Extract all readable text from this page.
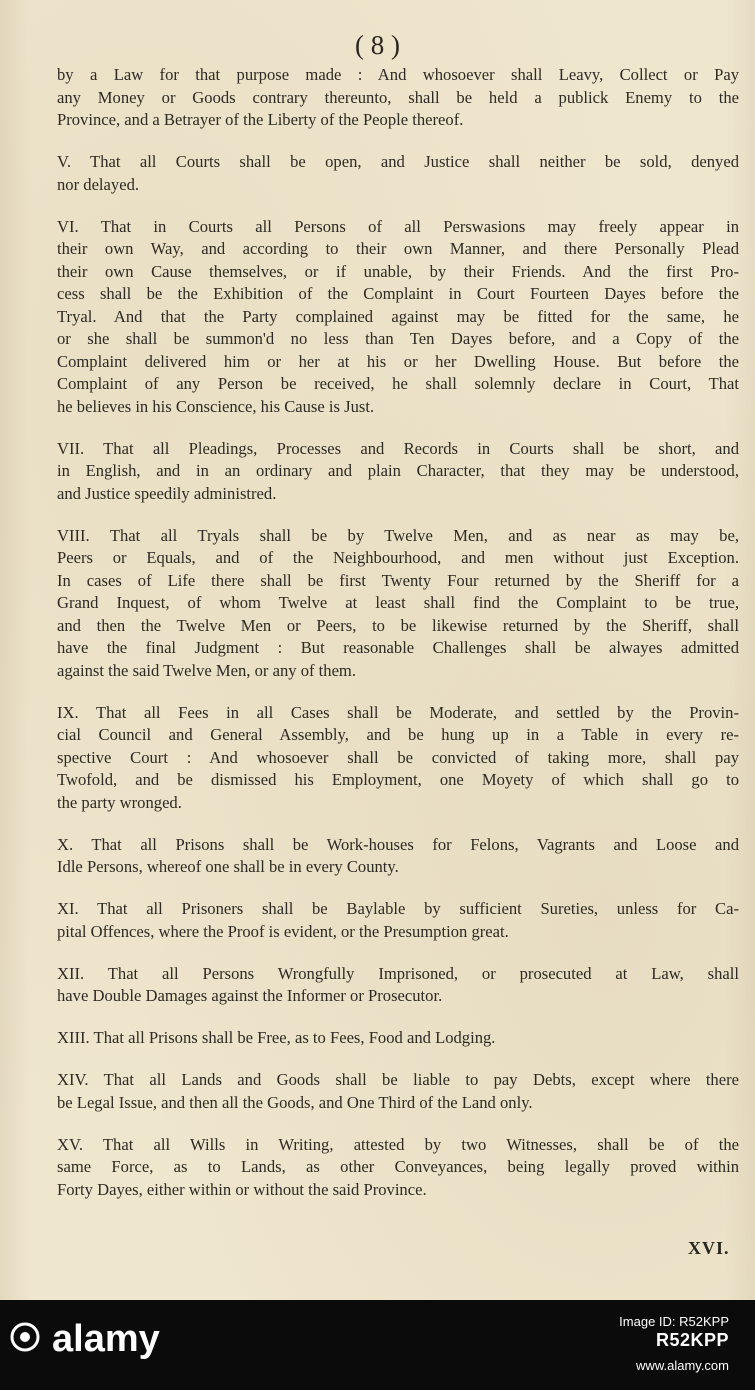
( 8 )
by a Law for that purpose made : And whosoever shall Leavy, Collect or Pay
any Money or Goods contrary thereunto, shall be held a publick Enemy to the
Province, and a Betrayer of the Liberty of the People thereof.
V. That all Courts shall be open, and Justice shall neither be sold, denyed
nor delayed.
VI. That in Courts all Persons of all Perswasions may freely appear in
their own Way, and according to their own Manner, and there Personally Plead
their own Cause themselves, or if unable, by their Friends. And the first Pro-
cess shall be the Exhibition of the Complaint in Court Fourteen Dayes before the
Tryal. And that the Party complained against may be fitted for the same, he
or she shall be summon'd no less than Ten Dayes before, and a Copy of the
Complaint delivered him or her at his or her Dwelling House. But before the
Complaint of any Person be received, he shall solemnly declare in Court, That
he believes in his Conscience, his Cause is Just.
VII. That all Pleadings, Processes and Records in Courts shall be short, and
in English, and in an ordinary and plain Character, that they may be understood,
and Justice speedily administred.
VIII. That all Tryals shall be by Twelve Men, and as near as may be,
Peers or Equals, and of the Neighbourhood, and men without just Exception.
In cases of Life there shall be first Twenty Four returned by the Sheriff for a
Grand Inquest, of whom Twelve at least shall find the Complaint to be true,
and then the Twelve Men or Peers, to be likewise returned by the Sheriff, shall
have the final Judgment : But reasonable Challenges shall be alwayes admitted
against the said Twelve Men, or any of them.
IX. That all Fees in all Cases shall be Moderate, and settled by the Provin-
cial Council and General Assembly, and be hung up in a Table in every re-
spective Court : And whosoever shall be convicted of taking more, shall pay
Twofold, and be dismissed his Employment, one Moyety of which shall go to
the party wronged.
X. That all Prisons shall be Work-houses for Felons, Vagrants and Loose and
Idle Persons, whereof one shall be in every County.
XI. That all Prisoners shall be Baylable by sufficient Sureties, unless for Ca-
pital Offences, where the Proof is evident, or the Presumption great.
XII. That all Persons Wrongfully Imprisoned, or prosecuted at Law, shall
have Double Damages against the Informer or Prosecutor.
XIII. That all Prisons shall be Free, as to Fees, Food and Lodging.
XIV. That all Lands and Goods shall be liable to pay Debts, except where there
be Legal Issue, and then all the Goods, and One Third of the Land only.
XV. That all Wills in Writing, attested by two Witnesses, shall be of the
same Force, as to Lands, as other Conveyances, being legally proved within
Forty Dayes, either within or without the said Province.
XVI.
alamy	Image ID: R52KPP
R52KPP
www.alamy.com
